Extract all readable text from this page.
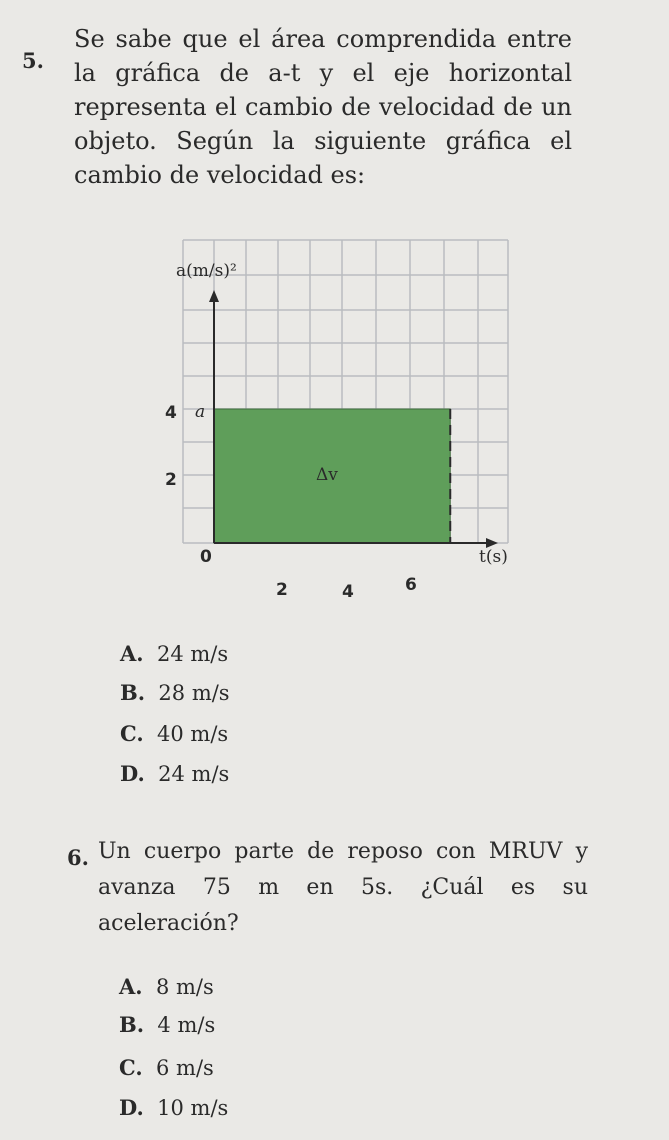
5.
Se sabe que el área comprendida entre la gráfica de a-t y el eje horizontal representa el cambio de velocidad de un objeto. Según la siguiente gráfica el cambio de velocidad es:
a(m/s)²
t(s)
Δv
a
4
2
0
2	4	6
A. 24 m/s
B. 28 m/s
C. 40 m/s
D. 24 m/s
6. Un cuerpo parte de reposo con MRUV y avanza 75 m en 5s. ¿Cuál es su aceleración?
A. 8 m/s
B. 4 m/s
C. 6 m/s
D. 10 m/s
